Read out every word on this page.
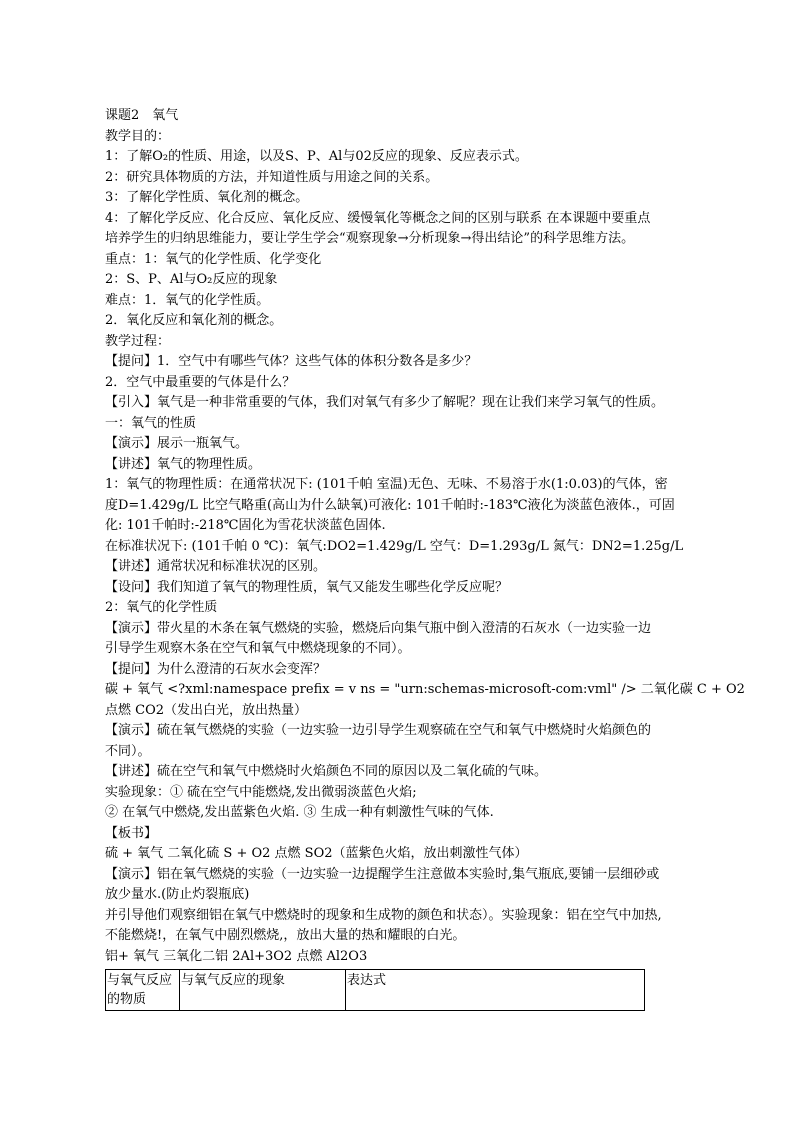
课题2　氧气
教学目的：
1：了解O₂的性质、用途，以及S、P、Al与02反应的现象、反应表示式。
2：研究具体物质的方法，并知道性质与用途之间的关系。
3：了解化学性质、氧化剂的概念。
4：了解化学反应、化合反应、氧化反应、缓慢氧化等概念之间的区别与联系 在本课题中要重点
培养学生的归纳思维能力，要让学生学会“观察现象→分析现象→得出结论”的科学思维方法。
重点：1：氧气的化学性质、化学变化
2：S、P、Al与O₂反应的现象
难点：1．氧气的化学性质。
2．氧化反应和氧化剂的概念。
教学过程：
【提问】1．空气中有哪些气体？这些气体的体积分数各是多少？
2．空气中最重要的气体是什么？
【引入】氧气是一种非常重要的气体，我们对氧气有多少了解呢？现在让我们来学习氧气的性质。
一：氧气的性质
【演示】展示一瓶氧气。
【讲述】氧气的物理性质。
1：氧气的物理性质：在通常状况下: (101千帕 室温)无色、无味、不易溶于水(1:0.03)的气体，密
度D=1.429g/L 比空气略重(高山为什么缺氧)可液化: 101千帕时:-183℃液化为淡蓝色液体.，可固
化: 101千帕时:-218℃固化为雪花状淡蓝色固体.
在标准状况下: (101千帕 0 ℃)：氧气:DO2=1.429g/L 空气：D=1.293g/L 氮气：DN2=1.25g/L
【讲述】通常状况和标准状况的区别。
【设问】我们知道了氧气的物理性质，氧气又能发生哪些化学反应呢？
2：氧气的化学性质
【演示】带火星的木条在氧气燃烧的实验，燃烧后向集气瓶中倒入澄清的石灰水（一边实验一边
引导学生观察木条在空气和氧气中燃烧现象的不同）。
【提问】为什么澄清的石灰水会变浑？
碳 + 氧气 <?xml:namespace prefix = v ns = "urn:schemas-microsoft-com:vml" /> 二氧化碳 C + O2
点燃 CO2（发出白光，放出热量）
【演示】硫在氧气燃烧的实验（一边实验一边引导学生观察硫在空气和氧气中燃烧时火焰颜色的
不同）。
【讲述】硫在空气和氧气中燃烧时火焰颜色不同的原因以及二氧化硫的气味。
实验现象：① 硫在空气中能燃烧,发出微弱淡蓝色火焰;
② 在氧气中燃烧,发出蓝紫色火焰. ③ 生成一种有刺激性气味的气体.
【板书】
硫 + 氧气 二氧化硫 S + O2 点燃 SO2（蓝紫色火焰，放出刺激性气体）
【演示】铝在氧气燃烧的实验（一边实验一边提醒学生注意做本实验时,集气瓶底,要铺一层细砂或
放少量水.(防止灼裂瓶底)
并引导他们观察细铝在氧气中燃烧时的现象和生成物的颜色和状态）。实验现象：铝在空气中加热,
不能燃烧!，在氧气中剧烈燃烧,，放出大量的热和耀眼的白光。
铝+ 氧气 三氧化二铝 2Al+3O2 点燃 Al2O3
与氧气反应的物质	与氧气反应的现象	表达式
